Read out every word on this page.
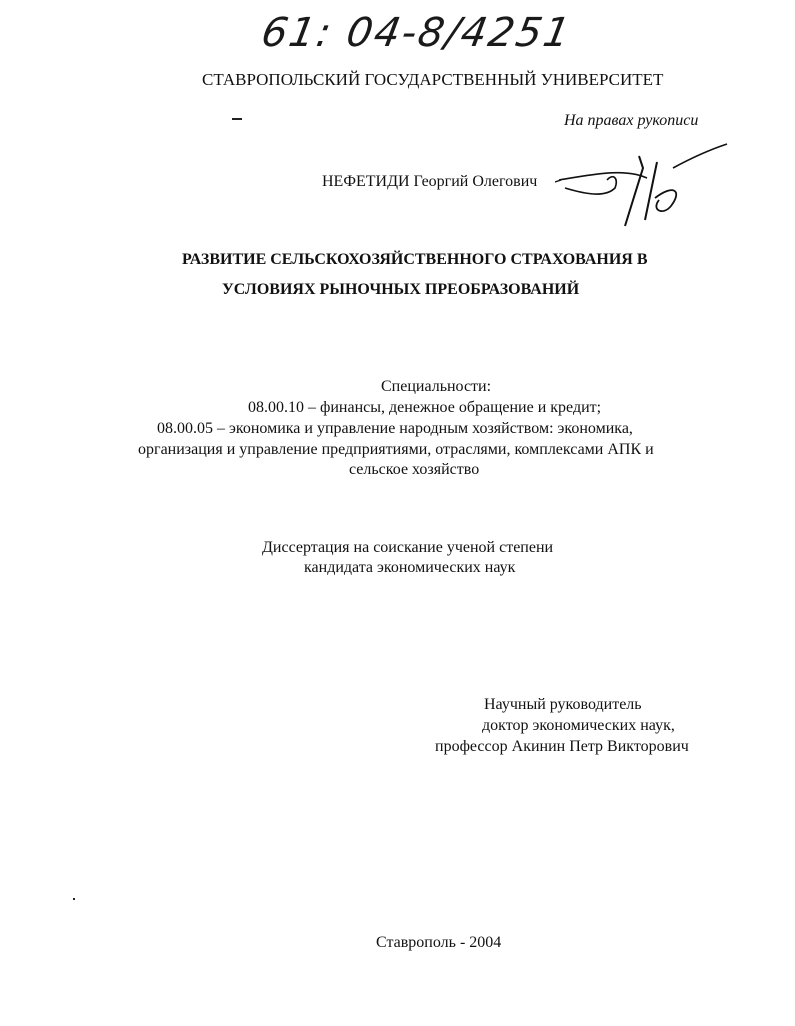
61: 04-8/4251
СТАВРОПОЛЬСКИЙ ГОСУДАРСТВЕННЫЙ УНИВЕРСИТЕТ
На правах рукописи
НЕФЕТИДИ Георгий Олегович
РАЗВИТИЕ СЕЛЬСКОХОЗЯЙСТВЕННОГО СТРАХОВАНИЯ В
УСЛОВИЯХ РЫНОЧНЫХ ПРЕОБРАЗОВАНИЙ
Специальности:
08.00.10 – финансы, денежное обращение и кредит;
08.00.05 – экономика и управление народным хозяйством: экономика,
организация и управление предприятиями, отраслями, комплексами АПК и
сельское хозяйство
Диссертация на соискание ученой степени
кандидата экономических наук
Научный руководитель
доктор экономических наук,
профессор Акинин Петр Викторович
Ставрополь - 2004
